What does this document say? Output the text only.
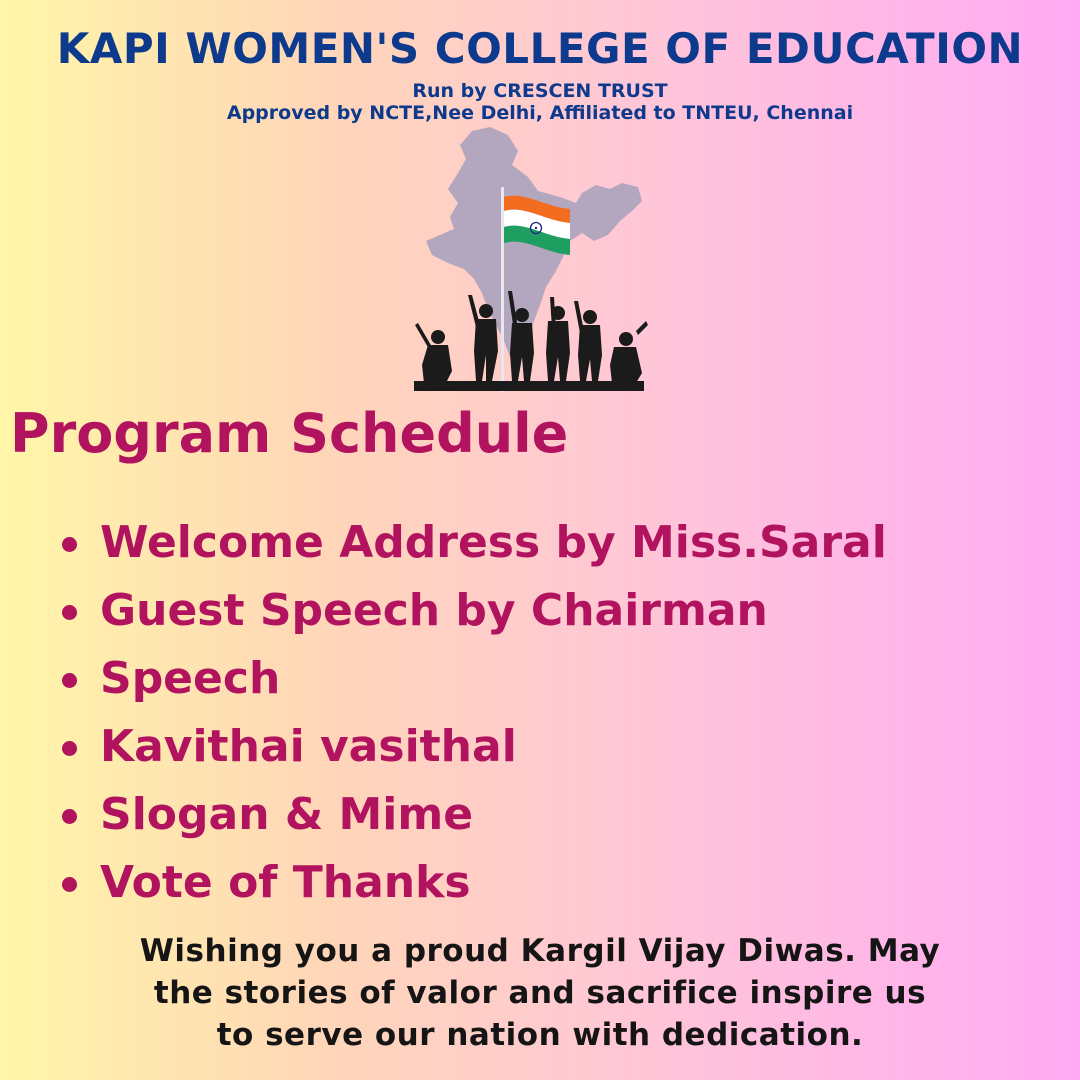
KAPI WOMEN'S COLLEGE OF EDUCATION
Run by CRESCEN TRUST
Approved by NCTE,Nee Delhi, Affiliated to TNTEU, Chennai
Program Schedule
Welcome Address by Miss.Saral
Guest Speech by Chairman
Speech
Kavithai vasithal
Slogan & Mime
Vote of Thanks
Wishing you a proud Kargil Vijay Diwas. May
the stories of valor and sacrifice inspire us
to serve our nation with dedication.
